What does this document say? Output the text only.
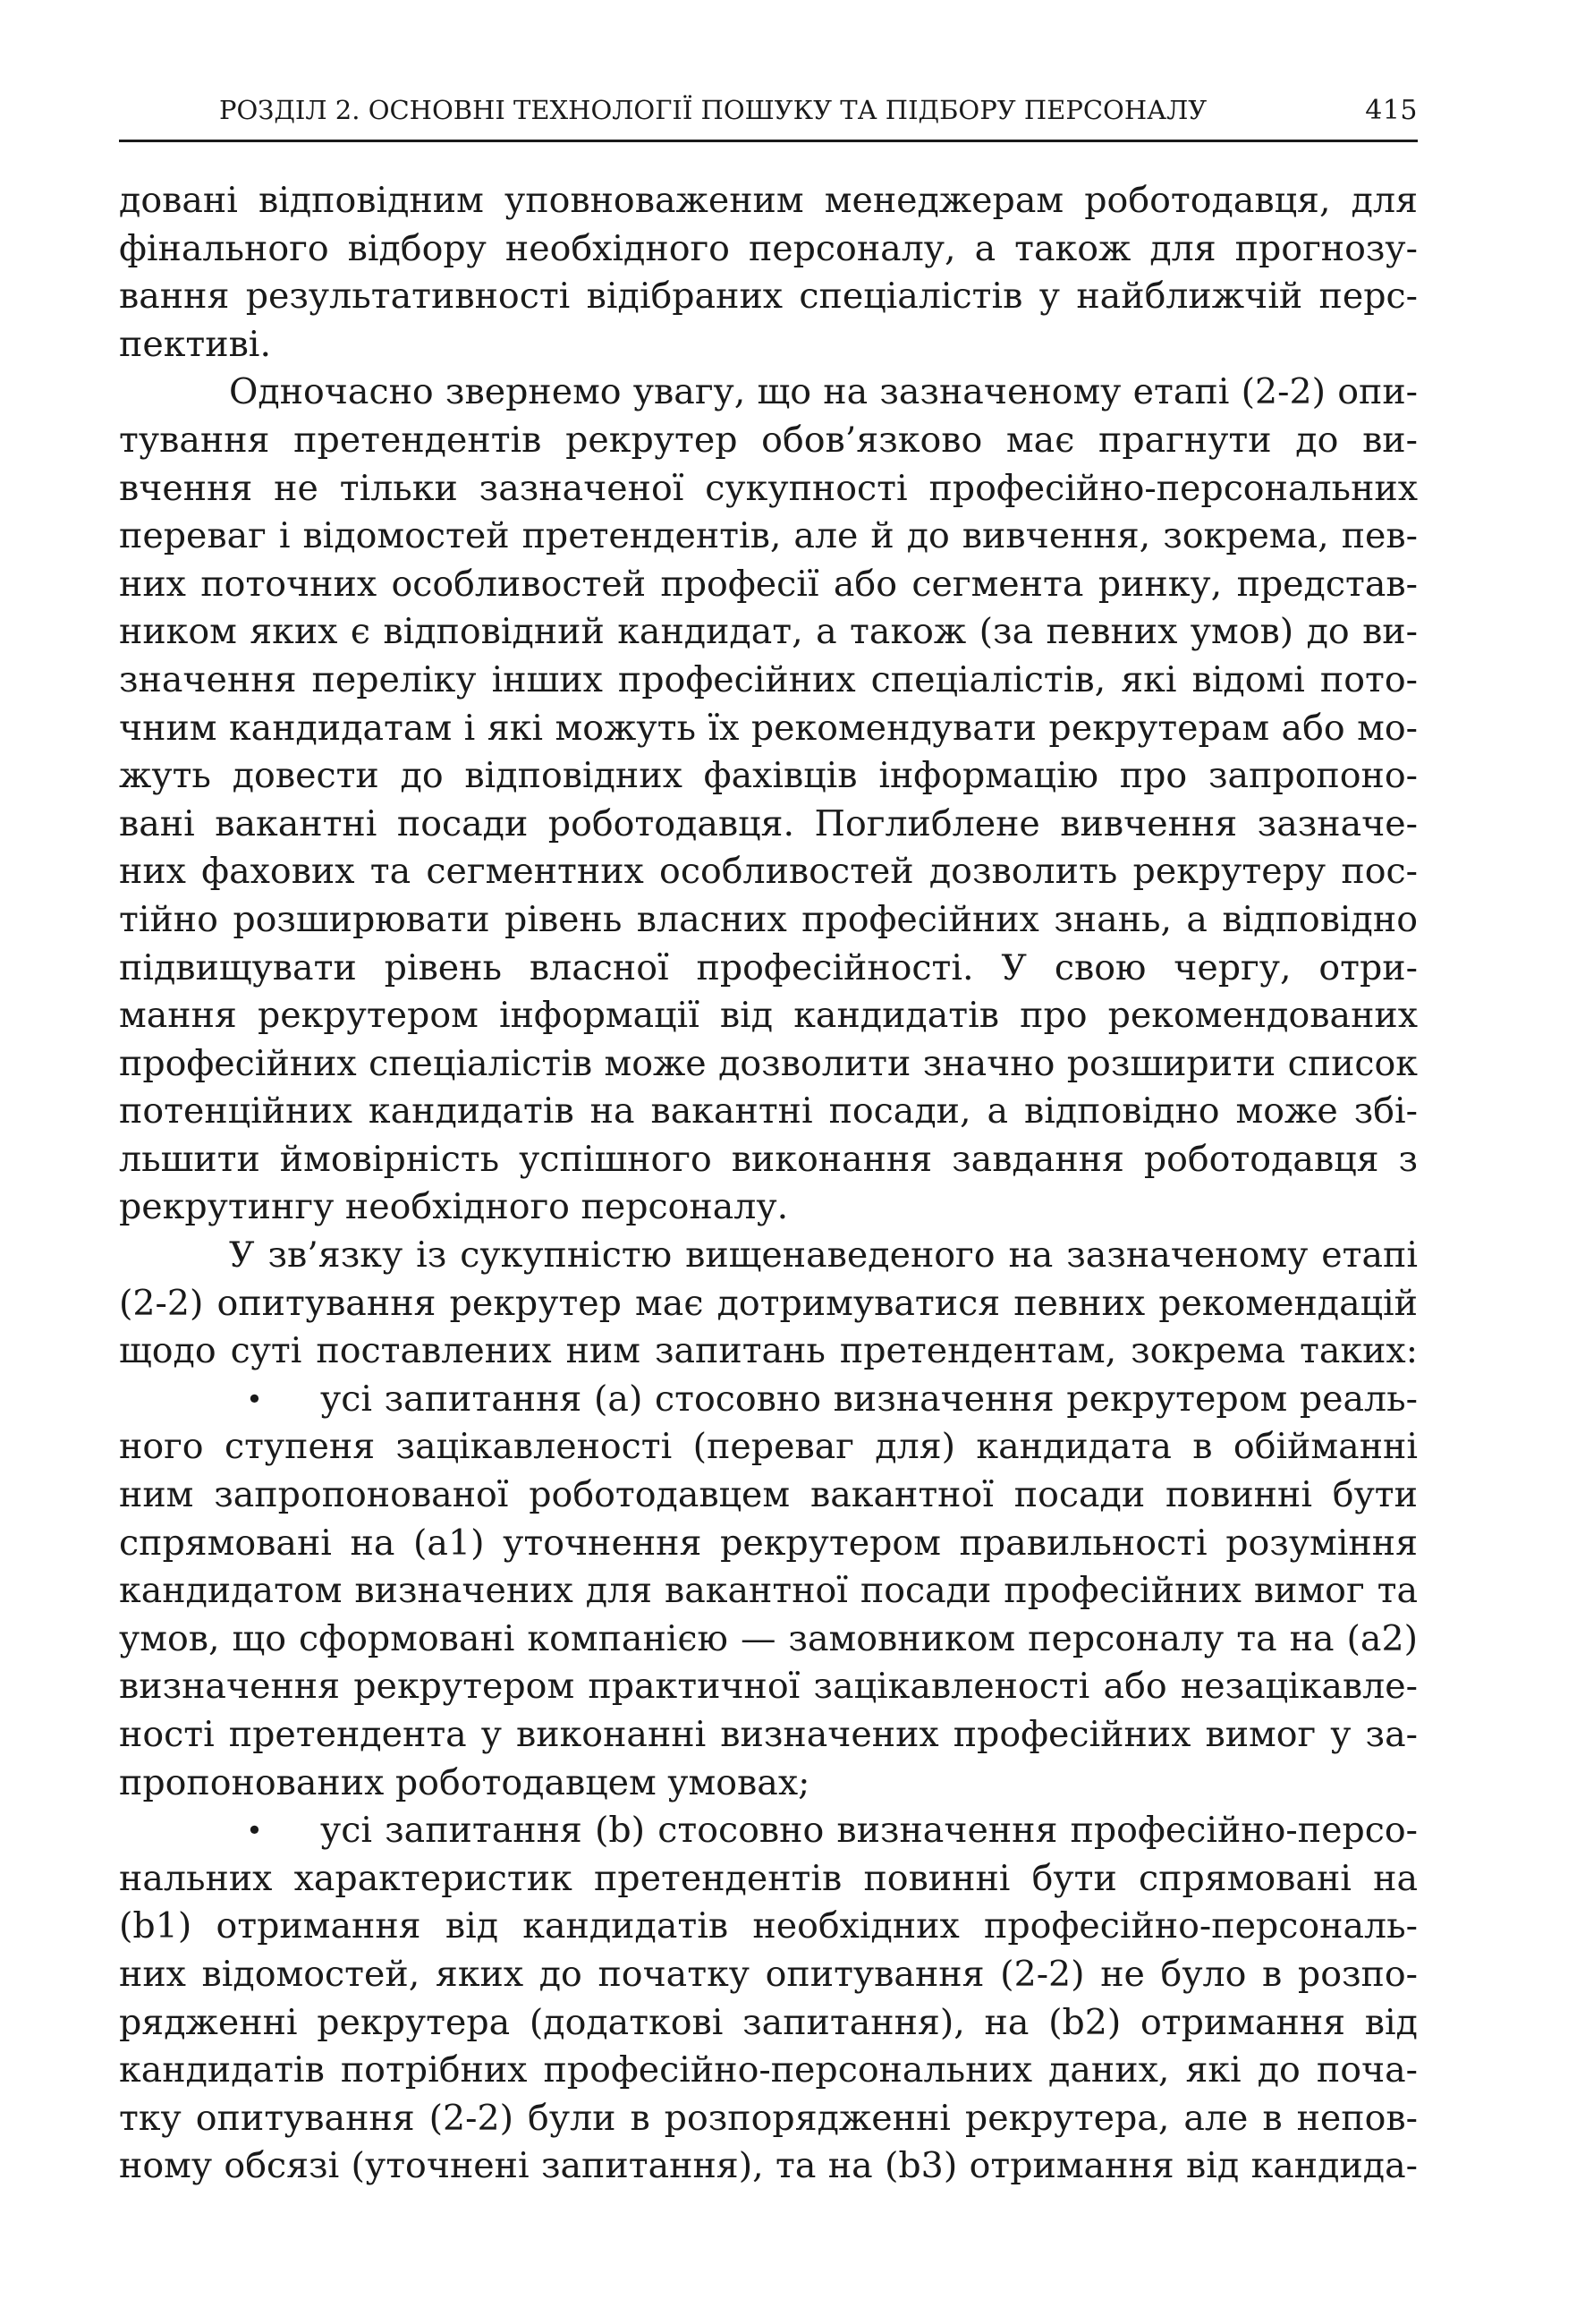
РОЗДІЛ 2. ОСНОВНІ ТЕХНОЛОГІЇ ПОШУКУ ТА ПІДБОРУ ПЕРСОНАЛУ	415

довані відповідним уповноваженим менеджерам роботодавця, для

фінального відбору необхідного персоналу, а також для прогнозу-

вання результативності відібраних спеціалістів у найближчій перс-

пективі.

Одночасно звернемо увагу, що на зазначеному етапі (2-2) опи-

тування претендентів рекрутер обов’язково має прагнути до ви-

вчення не тільки зазначеної сукупності професійно-персональних

переваг і відомостей претендентів, але й до вивчення, зокрема, пев-

них поточних особливостей професії або сегмента ринку, представ-

ником яких є відповідний кандидат, а також (за певних умов) до ви-

значення переліку інших професійних спеціалістів, які відомі пото-

чним кандидатам і які можуть їх рекомендувати рекрутерам або мо-

жуть довести до відповідних фахівців інформацію про запропоно-

вані вакантні посади роботодавця. Поглиблене вивчення зазначе-

них фахових та сегментних особливостей дозволить рекрутеру пос-

тійно розширювати рівень власних професійних знань, а відповідно

підвищувати рівень власної професійності. У свою чергу, отри-

мання рекрутером інформації від кандидатів про рекомендованих

професійних спеціалістів може дозволити значно розширити список

потенційних кандидатів на вакантні посади, а відповідно може збі-

льшити ймовірність успішного виконання завдання роботодавця з

рекрутингу необхідного персоналу.

У зв’язку із сукупністю вищенаведеного на зазначеному етапі

(2-2) опитування рекрутер має дотримуватися певних рекомендацій

щодо суті поставлених ним запитань претендентам, зокрема таких:

• усі запитання (а) стосовно визначення рекрутером реаль-

ного ступеня зацікавленості (переваг для) кандидата в обійманні

ним запропонованої роботодавцем вакантної посади повинні бути

спрямовані на (а1) уточнення рекрутером правильності розуміння

кандидатом визначених для вакантної посади професійних вимог та

умов, що сформовані компанією — замовником персоналу та на (а2)

визначення рекрутером практичної зацікавленості або незацікавле-

ності претендента у виконанні визначених професійних вимог у за-

пропонованих роботодавцем умовах;

• усі запитання (b) стосовно визначення професійно-персо-

нальних характеристик претендентів повинні бути спрямовані на

(b1) отримання від кандидатів необхідних професійно-персональ-

них відомостей, яких до початку опитування (2-2) не було в розпо-

рядженні рекрутера (додаткові запитання), на (b2) отримання від

кандидатів потрібних професійно-персональних даних, які до поча-

тку опитування (2-2) були в розпорядженні рекрутера, але в непов-

ному обсязі (уточнені запитання), та на (b3) отримання від кандида-
